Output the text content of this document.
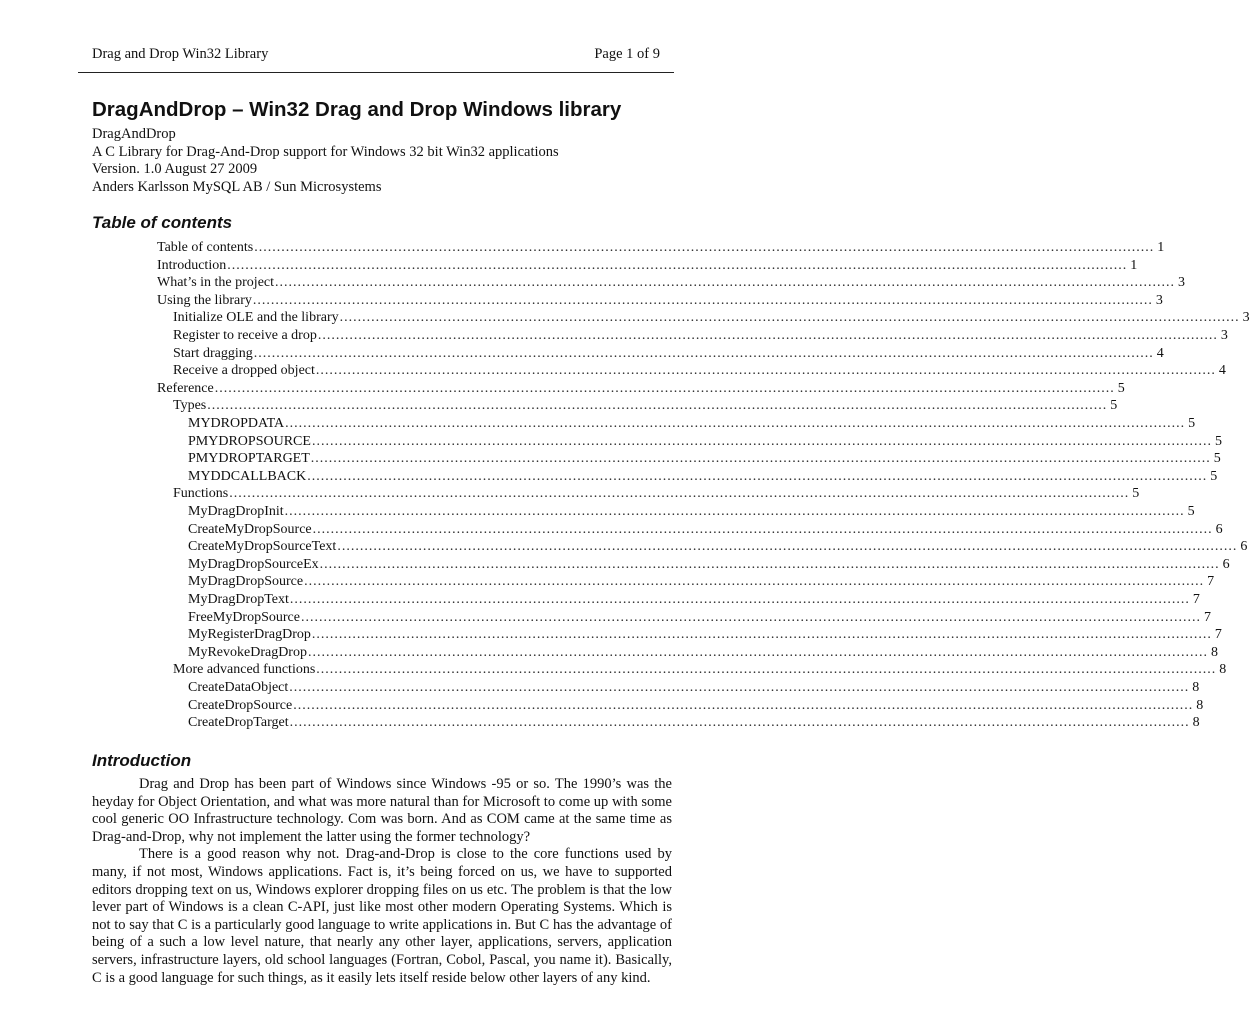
Drag and Drop Win32 Library	Page 1 of 9
DragAndDrop – Win32 Drag and Drop Windows library
DragAndDrop
A C Library for Drag-And-Drop support for Windows 32 bit Win32 applications
Version. 1.0 August 27 2009
Anders Karlsson MySQL AB / Sun Microsystems
Table of contents
Table of contents ........................................................................................................................................................................................................ 1
Introduction ........................................................................................................................................................................................................ 1
What’s in the project ........................................................................................................................................................................................................ 3
Using the library ........................................................................................................................................................................................................ 3
Initialize OLE and the library ........................................................................................................................................................................................................ 3
Register to receive a drop ........................................................................................................................................................................................................ 3
Start dragging ........................................................................................................................................................................................................ 4
Receive a dropped object ........................................................................................................................................................................................................ 4
Reference ........................................................................................................................................................................................................ 5
Types ........................................................................................................................................................................................................ 5
MYDROPDATA ........................................................................................................................................................................................................ 5
PMYDROPSOURCE ........................................................................................................................................................................................................ 5
PMYDROPTARGET ........................................................................................................................................................................................................ 5
MYDDCALLBACK ........................................................................................................................................................................................................ 5
Functions ........................................................................................................................................................................................................ 5
MyDragDropInit ........................................................................................................................................................................................................ 5
CreateMyDropSource ........................................................................................................................................................................................................ 6
CreateMyDropSourceText ........................................................................................................................................................................................................ 6
MyDragDropSourceEx ........................................................................................................................................................................................................ 6
MyDragDropSource ........................................................................................................................................................................................................ 7
MyDragDropText ........................................................................................................................................................................................................ 7
FreeMyDropSource ........................................................................................................................................................................................................ 7
MyRegisterDragDrop ........................................................................................................................................................................................................ 7
MyRevokeDragDrop ........................................................................................................................................................................................................ 8
More advanced functions ........................................................................................................................................................................................................ 8
CreateDataObject ........................................................................................................................................................................................................ 8
CreateDropSource ........................................................................................................................................................................................................ 8
CreateDropTarget ........................................................................................................................................................................................................ 8
Introduction

Drag and Drop has been part of Windows since Windows -95 or so. The 1990’s was the heyday for Object Orientation, and what was more natural than for Microsoft to come up with some cool generic OO Infrastructure technology. Com was born. And as COM came at the same time as Drag-and-Drop, why not implement the latter using the former technology?

There is a good reason why not. Drag-and-Drop is close to the core functions used by many, if not most, Windows applications. Fact is, it’s being forced on us, we have to supported editors dropping text on us, Windows explorer dropping files on us etc. The problem is that the low lever part of Windows is a clean C-API, just like most other modern Operating Systems. Which is not to say that C is a particularly good language to write applications in. But C has the advantage of being of a such a low level nature, that nearly any other layer, applications, servers, application servers, infrastructure layers, old school languages (Fortran, Cobol, Pascal, you name it). Basically, C is a good language for such things, as it easily lets itself reside below other layers of any kind.
